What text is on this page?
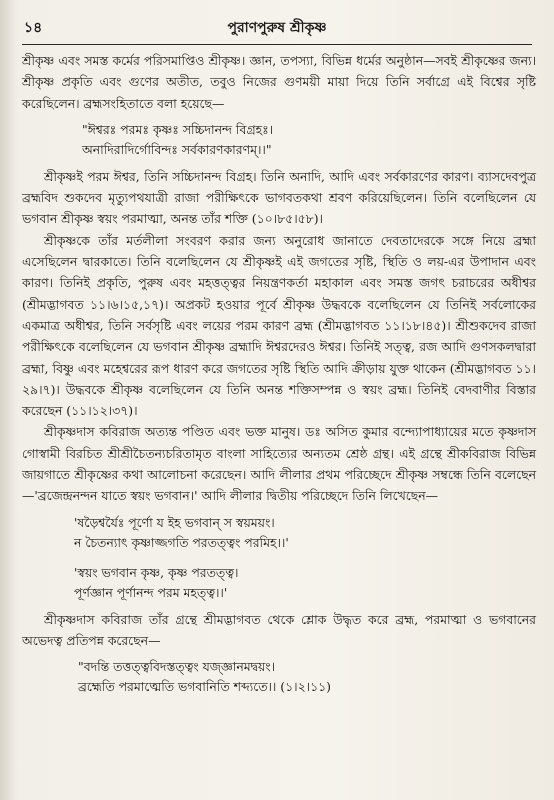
১৪	পুরাণপুরুষ শ্রীকৃষ্ণ

শ্রীকৃষ্ণ এবং সমস্ত কর্মের পরিসমাপ্তিও শ্রীকৃষ্ণ। জ্ঞান, তপস্যা, বিভিন্ন ধর্মের অনুষ্ঠান—সবই শ্রীকৃষ্ণের জন্য। শ্রীকৃষ্ণ প্রকৃতি এবং গুণের অতীত, তবুও নিজের গুণময়ী মায়া দিয়ে তিনি সর্বাগ্রে এই বিশ্বের সৃষ্টি করেছিলেন। ব্রহ্মসংহিতাতে বলা হয়েছে—

"ঈশ্বরঃ পরমঃ কৃষ্ণঃ সচ্চিদানন্দ বিগ্রহঃ।
অনাদিরাদির্গোবিন্দঃ সর্বকারণকারণম্।।"

শ্রীকৃষ্ণই পরম ঈশ্বর, তিনি সচ্চিদানন্দ বিগ্রহ। তিনি অনাদি, আদি এবং সর্বকারণের কারণ। ব্যাসদেবপুত্র ব্রহ্মবিদ শুকদেব মৃত্যুপথযাত্রী রাজা পরীক্ষিৎকে ভাগবতকথা শ্রবণ করিয়েছিলেন। তিনি বলেছিলেন যে ভগবান শ্রীকৃষ্ণ স্বয়ং পরমাত্মা, অনন্ত তাঁর শক্তি (১০।৮৫।৫৮)।

শ্রীকৃষ্ণকে তাঁর মর্তলীলা সংবরণ করার জন্য অনুরোধ জানাতে দেবতাদেরকে সঙ্গে নিয়ে ব্রহ্মা এসেছিলেন দ্বারকাতে। তিনি বলেছিলেন যে শ্রীকৃষ্ণই এই জগতের সৃষ্টি, স্থিতি ও লয়-এর উপাদান এবং কারণ। তিনিই প্রকৃতি, পুরুষ এবং মহত্তত্ত্বর নিয়ন্ত্রণকর্তা মহাকাল এবং সমস্ত জগৎ চরাচরের অধীশ্বর (শ্রীমদ্ভাগবত ১১।৬।১৫,১৭)। অপ্রকট হওয়ার পূর্বে শ্রীকৃষ্ণ উদ্ধবকে বলেছিলেন যে তিনিই সর্বলোকের একমাত্র অধীশ্বর, তিনি সর্বসৃষ্টি এবং লয়ের পরম কারণ ব্রহ্ম (শ্রীমদ্ভাগবত ১১।১৮।৪৫)। শ্রীশুকদেব রাজা পরীক্ষিৎকে বলেছিলেন যে ভগবান শ্রীকৃষ্ণ ব্রহ্মাদি ঈশ্বরদেরও ঈশ্বর। তিনিই সত্ত্ব, রজ আদি গুণসকলদ্বারা ব্রহ্মা, বিষ্ণু এবং মহেশ্বরের রূপ ধারণ করে জগতের সৃষ্টি স্থিতি আদি ক্রীড়ায় যুক্ত থাকেন (শ্রীমদ্ভাগবত ১১।২৯।৭)। উদ্ধবকে শ্রীকৃষ্ণ বলেছিলেন যে তিনি অনন্ত শক্তিসম্পন্ন ও স্বয়ং ব্রহ্ম। তিনিই বেদবাণীর বিস্তার করেছেন (১১।১২।৩৭)।

শ্রীকৃষ্ণদাস কবিরাজ অত্যন্ত পণ্ডিত এবং ভক্ত মানুষ। ডঃ অসিত কুমার বন্দ্যোপাধ্যায়ের মতে কৃষ্ণদাস গোস্বামী বিরচিত শ্রীশ্রীচৈতন্যচরিতামৃত বাংলা সাহিত্যের অন্যতম শ্রেষ্ঠ গ্রন্থ। এই গ্রন্থে শ্রীকবিরাজ বিভিন্ন জায়গাতে শ্রীকৃষ্ণের কথা আলোচনা করেছেন। আদি লীলার প্রথম পরিচ্ছেদে শ্রীকৃষ্ণ সম্বন্ধে তিনি বলেছেন—'ব্রজেন্দ্রনন্দন যাতে স্বয়ং ভগবান।' আদি লীলার দ্বিতীয় পরিচ্ছেদে তিনি লিখেছেন—

'ষড়ৈশ্বর্যৈঃ পূর্ণো য ইহ ভগবান্ স স্বয়ময়ং।
ন চৈতন্যাৎ কৃষ্ণাজ্জগতি পরতত্ত্বং পরমিহ।।'
'স্বয়ং ভগবান কৃষ্ণ, কৃষ্ণ পরতত্ত্ব।
পূর্ণজ্ঞান পূর্ণানন্দ পরম মহত্ত্ব।।'

শ্রীকৃষ্ণদাস কবিরাজ তাঁর গ্রন্থে শ্রীমদ্ভাগবত থেকে শ্লোক উদ্ধৃত করে ব্রহ্ম, পরমাত্মা ও ভগবানের অভেদত্ব প্রতিপন্ন করেছেন—

"বদন্তি তত্তত্ত্ববিদস্তত্ত্বং যজ্জ্ঞানমদ্বয়ং।
ব্রহ্মেতি পরমাত্মেতি ভগবানিতি শব্দ্যতে।। (১।২।১১)
